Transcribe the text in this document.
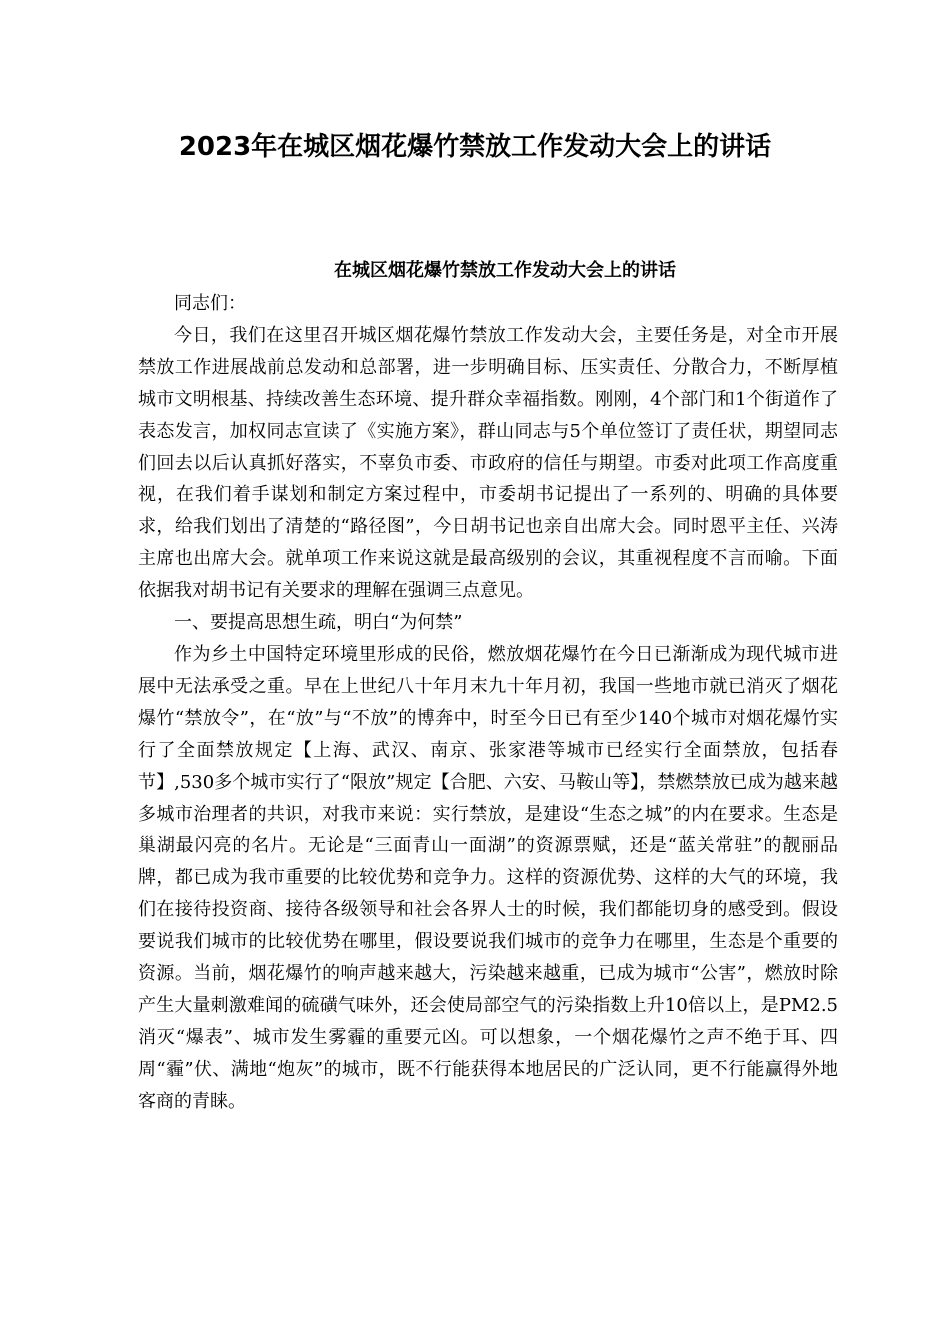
2023年在城区烟花爆竹禁放工作发动大会上的讲话
在城区烟花爆竹禁放工作发动大会上的讲话

同志们：

今日，我们在这里召开城区烟花爆竹禁放工作发动大会，主要任务是，对全市开展禁放工作进展战前总发动和总部署，进一步明确目标、压实责任、分散合力，不断厚植城市文明根基、持续改善生态环境、提升群众幸福指数。刚刚，4个部门和1个街道作了表态发言，加权同志宣读了《实施方案》，群山同志与5个单位签订了责任状，期望同志们回去以后认真抓好落实，不辜负市委、市政府的信任与期望。市委对此项工作高度重视，在我们着手谋划和制定方案过程中，市委胡书记提出了一系列的、明确的具体要求，给我们划出了清楚的“路径图”，今日胡书记也亲自出席大会。同时恩平主任、兴涛主席也出席大会。就单项工作来说这就是最高级别的会议，其重视程度不言而喻。下面依据我对胡书记有关要求的理解在强调三点意见。

一、要提高思想生疏，明白“为何禁”

作为乡土中国特定环境里形成的民俗，燃放烟花爆竹在今日已渐渐成为现代城市进展中无法承受之重。早在上世纪八十年月末九十年月初，我国一些地市就已消灭了烟花爆竹“禁放令”，在“放”与“不放”的博奔中，时至今日已有至少140个城市对烟花爆竹实行了全面禁放规定【上海、武汉、南京、张家港等城市已经实行全面禁放，包括春节】,530多个城市实行了“限放”规定【合肥、六安、马鞍山等】，禁燃禁放已成为越来越多城市治理者的共识，对我市来说：实行禁放，是建设“生态之城”的内在要求。生态是巢湖最闪亮的名片。无论是“三面青山一面湖”的资源票赋，还是“蓝关常驻”的靓丽品牌，都已成为我市重要的比较优势和竞争力。这样的资源优势、这样的大气的环境，我们在接待投资商、接待各级领导和社会各界人士的时候，我们都能切身的感受到。假设要说我们城市的比较优势在哪里，假设要说我们城市的竞争力在哪里，生态是个重要的资源。当前，烟花爆竹的响声越来越大，污染越来越重，已成为城市“公害”，燃放时除产生大量刺激难闻的硫磺气味外，还会使局部空气的污染指数上升10倍以上，是PM2.5消灭“爆表”、城市发生雾霾的重要元凶。可以想象，一个烟花爆竹之声不绝于耳、四周“霾”伏、满地“炮灰”的城市，既不行能获得本地居民的广泛认同，更不行能赢得外地客商的青睐。
